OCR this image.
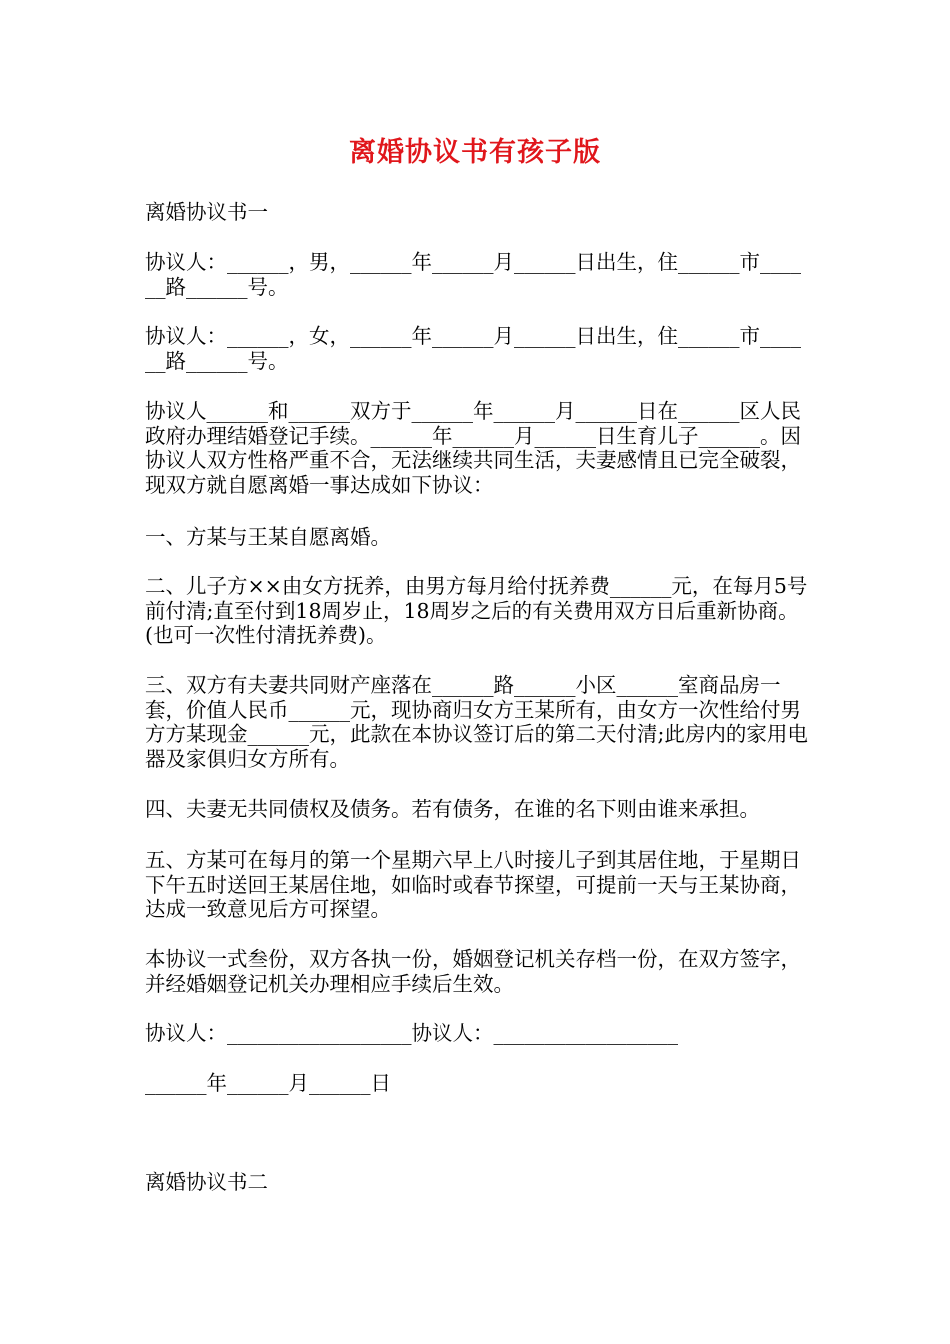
离婚协议书有孩子版
离婚协议书一
协议人：______，男，______年______月______日出生，住______市______路______号。
协议人：______，女，______年______月______日出生，住______市______路______号。
协议人______和______双方于______年______月______日在______区人民政府办理结婚登记手续。______年______月______日生育儿子______。因协议人双方性格严重不合，无法继续共同生活，夫妻感情且已完全破裂，现双方就自愿离婚一事达成如下协议：
一、方某与王某自愿离婚。
二、儿子方××由女方抚养，由男方每月给付抚养费______元，在每月5号前付清;直至付到18周岁止，18周岁之后的有关费用双方日后重新协商。(也可一次性付清抚养费)。
三、双方有夫妻共同财产座落在______路______小区______室商品房一套，价值人民币______元，现协商归女方王某所有，由女方一次性给付男方方某现金______元，此款在本协议签订后的第二天付清;此房内的家用电器及家俱归女方所有。
四、夫妻无共同债权及债务。若有债务，在谁的名下则由谁来承担。
五、方某可在每月的第一个星期六早上八时接儿子到其居住地，于星期日下午五时送回王某居住地，如临时或春节探望，可提前一天与王某协商，达成一致意见后方可探望。
本协议一式叁份，双方各执一份，婚姻登记机关存档一份，在双方签字，并经婚姻登记机关办理相应手续后生效。
协议人：__________________协议人：__________________
______年______月______日
离婚协议书二
